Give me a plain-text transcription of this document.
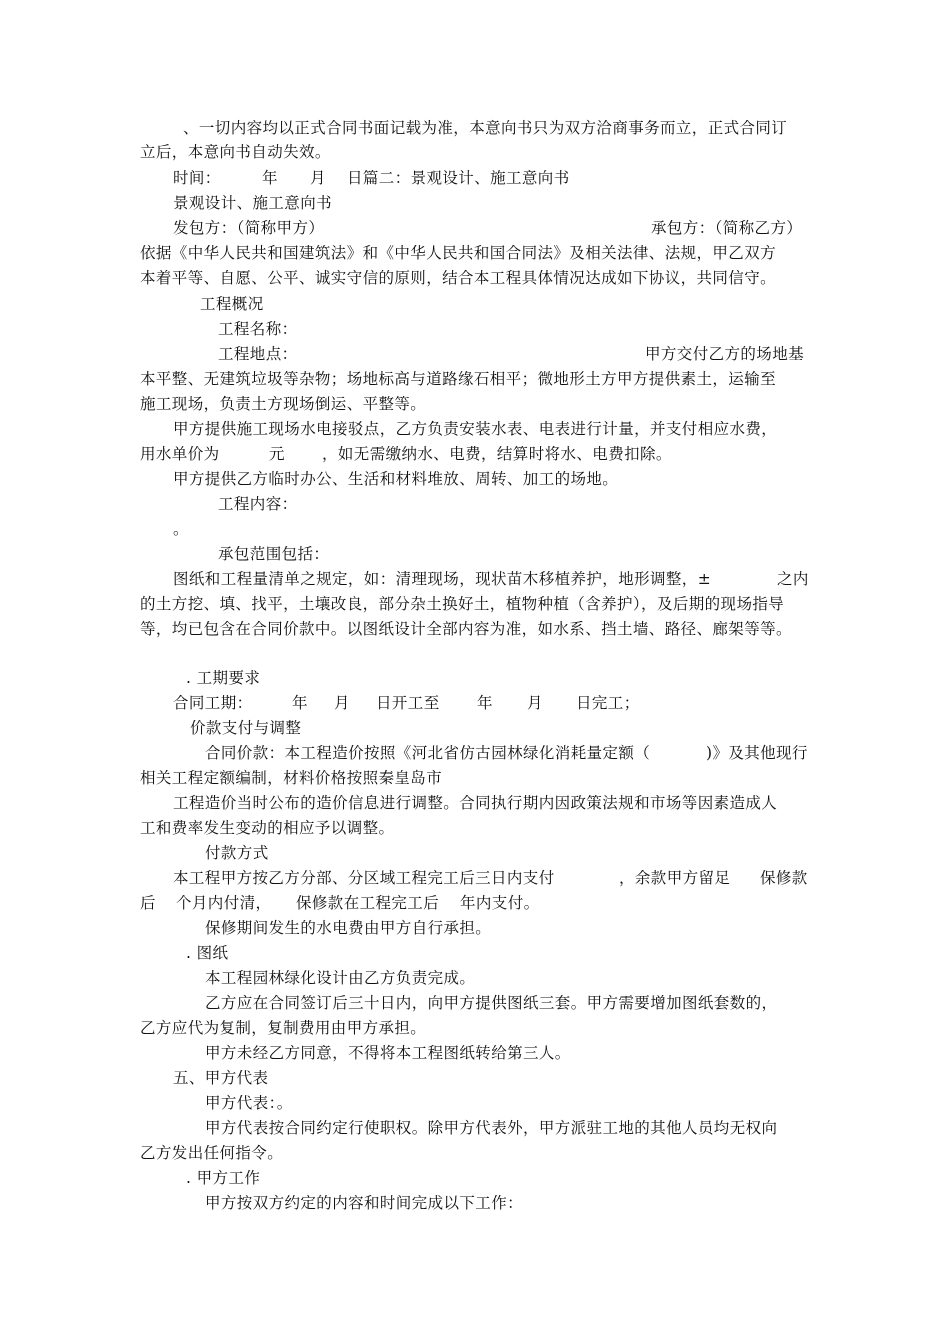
、一切内容均以正式合同书面记载为准，本意向书只为双方洽商事务而立，正式合同订
立后，本意向书自动失效。
时间：	年 月 日篇二：景观设计、施工意向书
景观设计、施工意向书
发包方：（简称甲方）	承包方：（简称乙方）
依据《中华人民共和国建筑法》和《中华人民共和国合同法》及相关法律、法规，甲乙双方
本着平等、自愿、公平、诚实守信的原则，结合本工程具体情况达成如下协议，共同信守。
工程概况
工程名称：
工程地点：	甲方交付乙方的场地基
本平整、无建筑垃圾等杂物；场地标高与道路缘石相平；微地形土方甲方提供素土，运输至
施工现场，负责土方现场倒运、平整等。
甲方提供施工现场水电接驳点，乙方负责安装水表、电表进行计量，并支付相应水费，
用水单价为	元 ，如无需缴纳水、电费，结算时将水、电费扣除。
甲方提供乙方临时办公、生活和材料堆放、周转、加工的场地。
工程内容：
。
承包范围包括：
图纸和工程量清单之规定，如：清理现场，现状苗木移植养护，地形调整，±	之内
的土方挖、填、找平，土壤改良，部分杂土换好土，植物种植（含养护），及后期的现场指导
等，均已包含在合同价款中。以图纸设计全部内容为准，如水系、挡土墙、路径、廊架等等。
. 工期要求
合同工期：	年 月 日开工至 年 月 日完工；
价款支付与调整
合同价款：本工程造价按照《河北省仿古园林绿化消耗量定额（	)》及其他现行
相关工程定额编制，材料价格按照秦皇岛市
工程造价当时公布的造价信息进行调整。合同执行期内因政策法规和市场等因素造成人
工和费率发生变动的相应予以调整。
付款方式
本工程甲方按乙方分部、分区域工程完工后三日内支付	，余款甲方留足 保修款
后 个月内付清， 保修款在工程完工后 年内支付。
保修期间发生的水电费由甲方自行承担。
. 图纸
本工程园林绿化设计由乙方负责完成。
乙方应在合同签订后三十日内，向甲方提供图纸三套。甲方需要增加图纸套数的，
乙方应代为复制，复制费用由甲方承担。
甲方未经乙方同意，不得将本工程图纸转给第三人。
五、甲方代表
甲方代表：。
甲方代表按合同约定行使职权。除甲方代表外，甲方派驻工地的其他人员均无权向
乙方发出任何指令。
. 甲方工作
甲方按双方约定的内容和时间完成以下工作：
